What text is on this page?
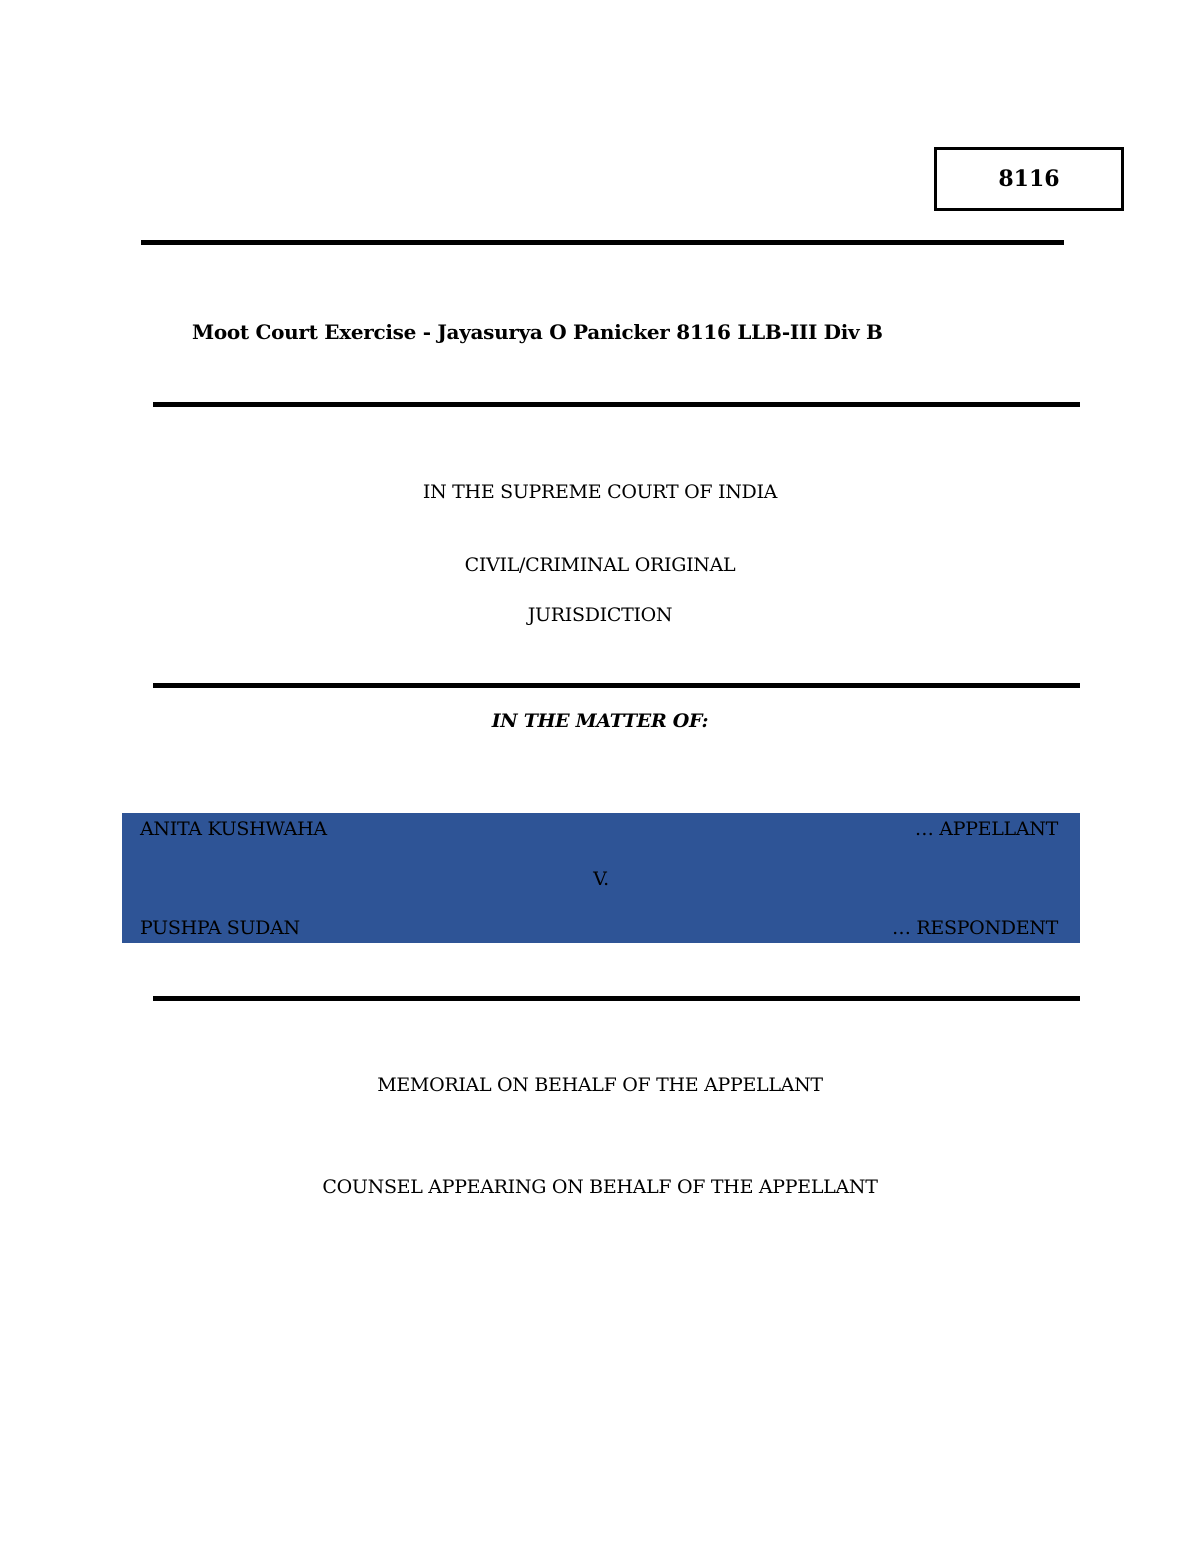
8116
Moot Court Exercise - Jayasurya O Panicker 8116 LLB-III Div B
IN THE SUPREME COURT OF INDIA
CIVIL/CRIMINAL ORIGINAL
JURISDICTION
IN THE MATTER OF:
ANITA KUSHWAHA	… APPELLANT
V.
PUSHPA SUDAN	… RESPONDENT
MEMORIAL ON BEHALF OF THE APPELLANT
COUNSEL APPEARING ON BEHALF OF THE APPELLANT
